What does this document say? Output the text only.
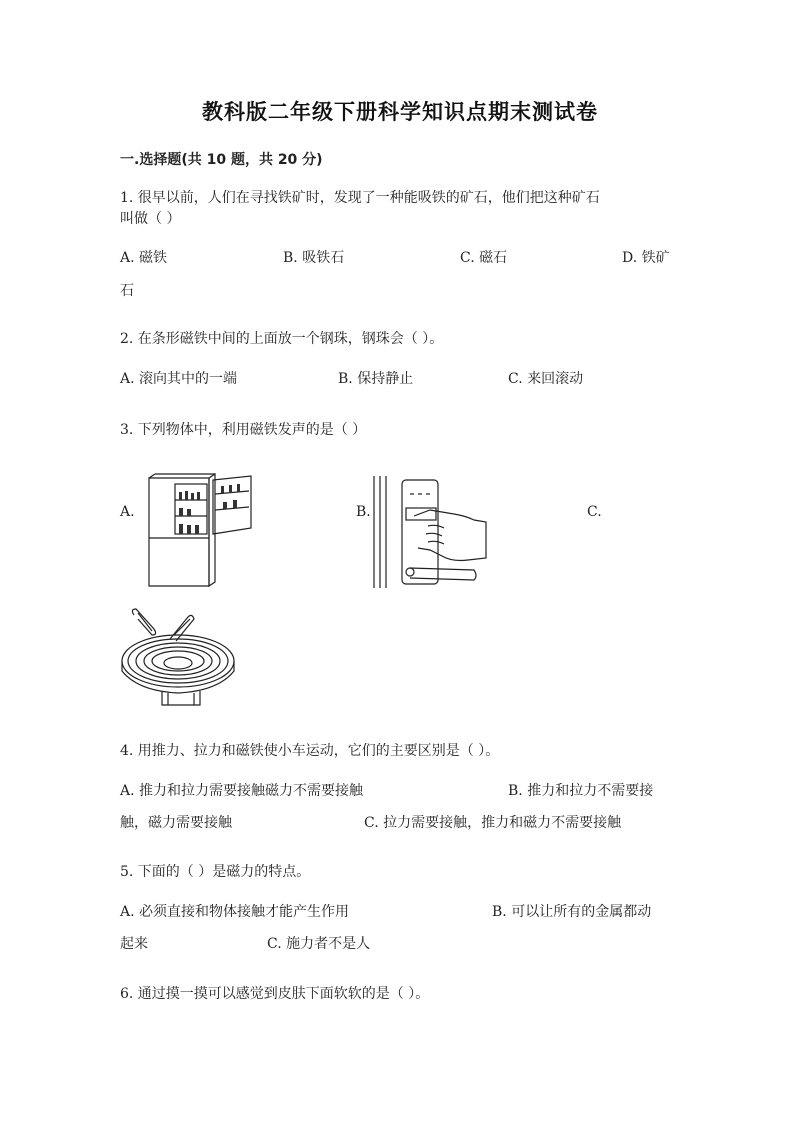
教科版二年级下册科学知识点期末测试卷
一.选择题(共 10 题，共 20 分)
1. 很早以前，人们在寻找铁矿时，发现了一种能吸铁的矿石，他们把这种矿石
叫做（ ）
A. 磁铁	B. 吸铁石	C. 磁石	D. 铁矿
石
2. 在条形磁铁中间的上面放一个钢珠，钢珠会（ ）。
A. 滚向其中的一端	B. 保持静止	C. 来回滚动
3. 下列物体中，利用磁铁发声的是（ ）
A.	B.	C.
4. 用推力、拉力和磁铁使小车运动，它们的主要区别是（ ）。
A. 推力和拉力需要接触磁力不需要接触	B. 推力和拉力不需要接
触，磁力需要接触	C. 拉力需要接触，推力和磁力不需要接触
5. 下面的（ ）是磁力的特点。
A. 必须直接和物体接触才能产生作用	B. 可以让所有的金属都动
起来	C. 施力者不是人
6. 通过摸一摸可以感觉到皮肤下面软软的是（ ）。
